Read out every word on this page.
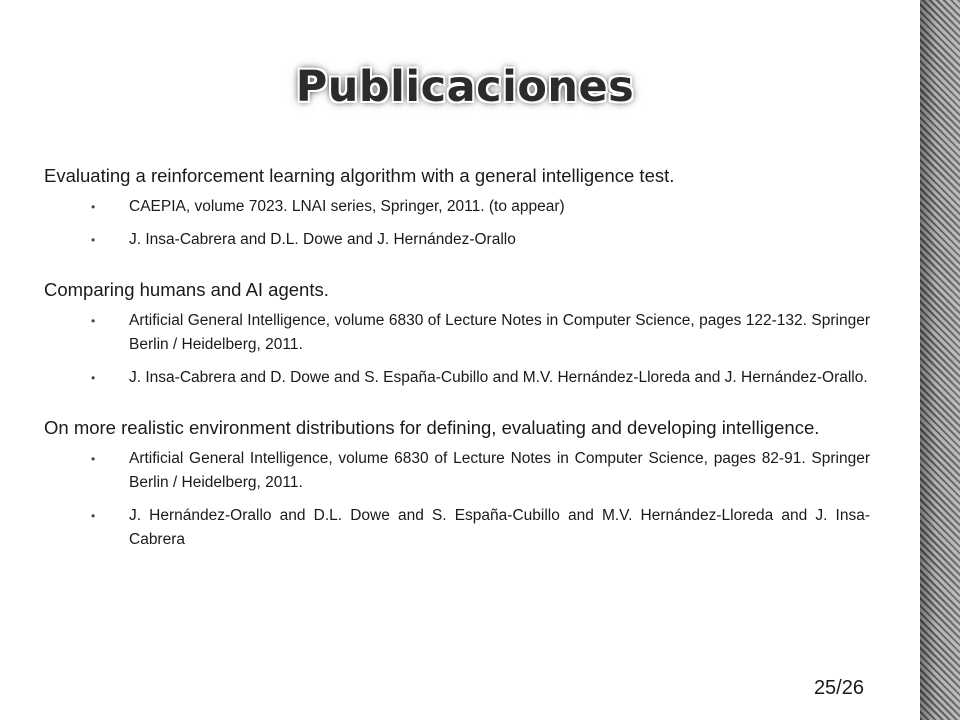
Publicaciones
Evaluating a reinforcement learning algorithm with a general intelligence test.
• CAEPIA, volume 7023. LNAI series, Springer, 2011. (to appear)
• J. Insa-Cabrera and D.L. Dowe and J. Hernández-Orallo
Comparing humans and AI agents.
• Artificial General Intelligence, volume 6830 of Lecture Notes in Computer Science, pages 122-132. Springer Berlin / Heidelberg, 2011.
• J. Insa-Cabrera and D. Dowe and S. España-Cubillo and M.V. Hernández-Lloreda and J. Hernández-Orallo.
On more realistic environment distributions for defining, evaluating and developing intelligence.
• Artificial General Intelligence, volume 6830 of Lecture Notes in Computer Science, pages 82-91. Springer Berlin / Heidelberg, 2011.
• J. Hernández-Orallo and D.L. Dowe and S. España-Cubillo and M.V. Hernández-Lloreda and J. Insa-Cabrera
25/26
